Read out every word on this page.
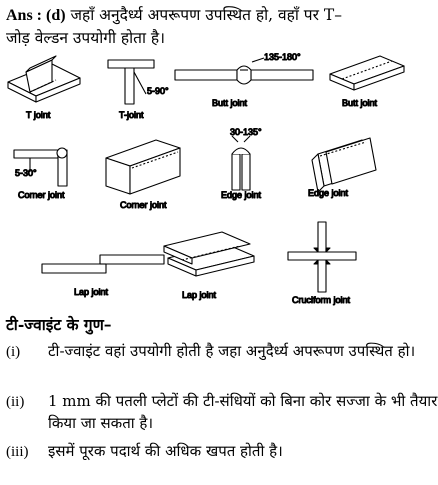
Ans : (d) जहाँ अनुदैर्ध्य अपरूपण उपस्थित हो, वहाँ पर T–
जोड़ वेल्डन उपयोगी होता है।
T joint
5-90°
T-joint
135-180°
Butt joint	Butt joint
5-30°
Corner joint
Corner joint
30-135°
Edge joint	Edge joint
Lap joint	Lap joint	Cruciform joint
टी-ज्वाइंट के गुण–
(i) टी-ज्वाइंट वहां उपयोगी होती है जहा अनुदैर्ध्य अपरूपण उपस्थित हो।
(ii) 1 mm की पतली प्लेटों की टी-संधियों को बिना कोर सज्जा के भी तैयार किया जा सकता है।
(iii) इसमें पूरक पदार्थ की अधिक खपत होती है।
